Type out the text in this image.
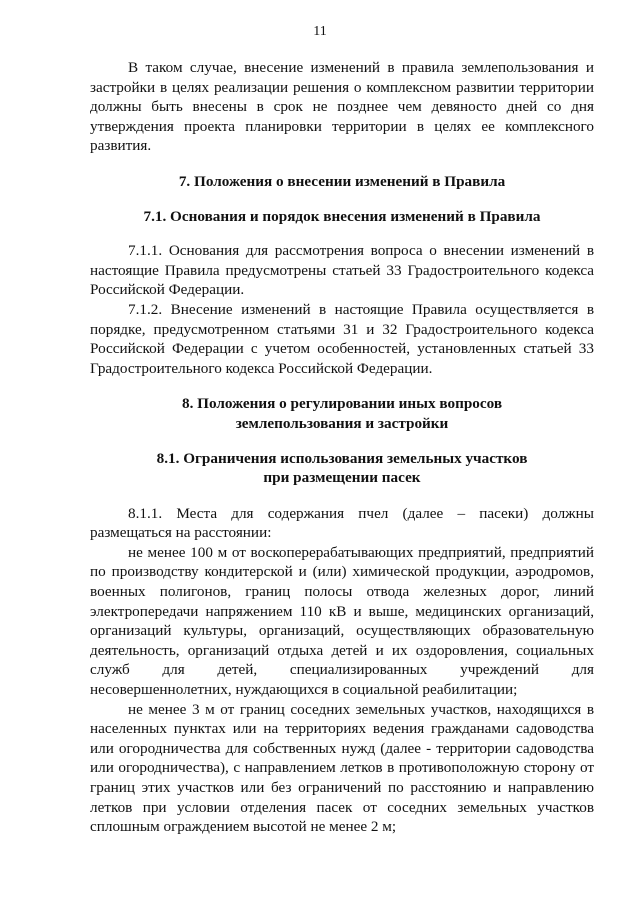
11

В таком случае, внесение изменений в правила землепользования и застройки в целях реализации решения о комплексном развитии территории должны быть внесены в срок не позднее чем девяносто дней со дня утверждения проекта планировки территории в целях ее комплексного развития.

7. Положения о внесении изменений в Правила
7.1. Основания и порядок внесения изменений в Правила

7.1.1. Основания для рассмотрения вопроса о внесении изменений в настоящие Правила предусмотрены статьей 33 Градостроительного кодекса Российской Федерации.

7.1.2. Внесение изменений в настоящие Правила осуществляется в порядке, предусмотренном статьями 31 и 32 Градостроительного кодекса Российской Федерации с учетом особенностей, установленных статьей 33 Градостроительного кодекса Российской Федерации.

8. Положения о регулировании иных вопросов
землепользования и застройки
8.1. Ограничения использования земельных участков
при размещении пасек

8.1.1. Места для содержания пчел (далее – пасеки) должны размещаться на расстоянии:

не менее 100 м от воскоперерабатывающих предприятий, предприятий по производству кондитерской и (или) химической продукции, аэродромов, военных полигонов, границ полосы отвода железных дорог, линий электропередачи напряжением 110 кВ и выше, медицинских организаций, организаций культуры, организаций, осуществляющих образовательную деятельность, организаций отдыха детей и их оздоровления, социальных служб для детей, специализированных учреждений для несовершеннолетних, нуждающихся в социальной реабилитации;

не менее 3 м от границ соседних земельных участков, находящихся в населенных пунктах или на территориях ведения гражданами садоводства или огородничества для собственных нужд (далее - территории садоводства или огородничества), с направлением летков в противоположную сторону от границ этих участков или без ограничений по расстоянию и направлению летков при условии отделения пасек от соседних земельных участков сплошным ограждением высотой не менее 2 м;
